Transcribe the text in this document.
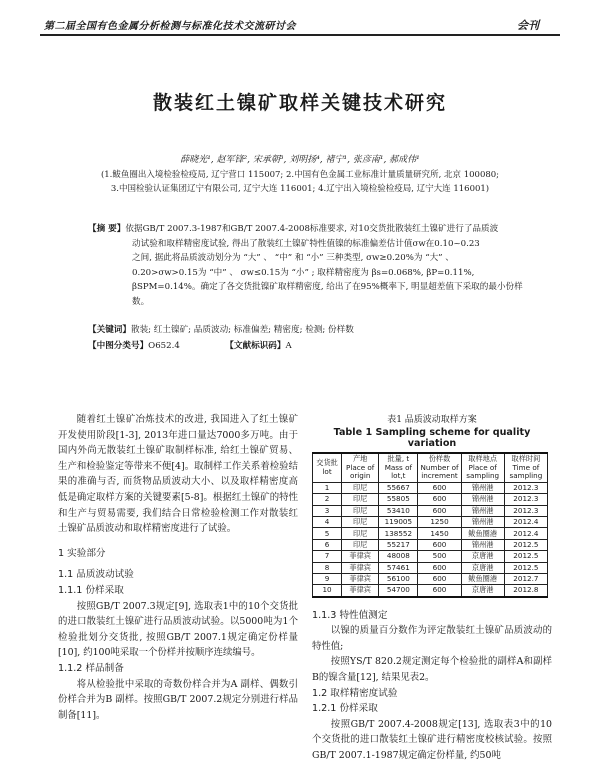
第二届全国有色金属分析检测与标准化技术交流研讨会	会刊
散装红土镍矿取样关键技术研究
薛晓光¹, 赵军锋², 宋承朝³, 刘明扬⁴, 褚宁¹, 张彦南¹, 郝成伟¹
(1.鲅鱼圈出入境检验检疫局, 辽宁营口 115007; 2.中国有色金属工业标准计量质量研究所, 北京 100080;
3.中国检验认证集团辽宁有限公司, 辽宁大连 116001; 4.辽宁出入境检验检疫局, 辽宁大连 116001)
【摘 要】依据GB/T 2007.3-1987和GB/T 2007.4-2008标准要求, 对10交货批散装红土镍矿进行了品质波
动试验和取样精密度试验, 得出了散装红土镍矿特性值镍的标准偏差估计值σw在0.10~0.23
之间, 据此将品质波动划分为 “大” 、 “中” 和 “小” 三种类型, σw≥0.20%为 “大” 、
0.20>σw>0.15为 “中” 、 σw≤0.15为 “小” ; 取样精密度为 βs=0.068%, βP=0.11%,
βSPM=0.14%。确定了各交货批镍矿取样精密度, 给出了在95%概率下, 明显超差值下采取的最小份样数。
【关键词】散装; 红土镍矿; 品质波动; 标准偏差; 精密度; 检测; 份样数
【中图分类号】O652.4	【文献标识码】A

随着红土镍矿冶炼技术的改进, 我国进入了红土镍矿开发使用阶段[1-3], 2013年进口量达7000多万吨。由于国内外尚无散装红土镍矿取制样标准, 给红土镍矿贸易、生产和检验鉴定等带来不便[4]。取制样工作关系着检验结果的准确与否, 而货物品质波动大小、以及取样精密度高低是确定取样方案的关键要素[5-8]。根据红土镍矿的特性和生产与贸易需要, 我们结合日常检验检测工作对散装红土镍矿品质波动和取样精密度进行了试验。

1 实验部分
1.1 品质波动试验
1.1.1 份样采取

按照GB/T 2007.3规定[9], 选取表1中的10个交货批的进口散装红土镍矿进行品质波动试验。以5000吨为1个检验批划分交货批, 按照GB/T 2007.1规定确定份样量[10], 约100吨采取一个份样并按顺序连续编号。

1.1.2 样品制备

将从检验批中采取的奇数份样合并为A 副样、偶数引份样合并为B 副样。按照GB/T 2007.2规定分别进行样品制备[11]。

表1 品质波动取样方案
Table 1 Sampling scheme for quality variation
交货批 lot	产地 Place of origin	批量, t Mass of lot,t	份样数 Number of increment	取样地点 Place of sampling	取样时间 Time of sampling
1	印尼	55667	600	锦州港	2012.3
2	印尼	55805	600	锦州港	2012.3
3	印尼	53410	600	锦州港	2012.3
4	印尼	119005	1250	锦州港	2012.4
5	印尼	138552	1450	鲅鱼圈港	2012.4
6	印尼	55217	600	锦州港	2012.5
7	菲律宾	48008	500	京唐港	2012.5
8	菲律宾	57461	600	京唐港	2012.5
9	菲律宾	56100	600	鲅鱼圈港	2012.7
10	菲律宾	54700	600	京唐港	2012.8
1.1.3 特性值测定

以镍的质量百分数作为评定散装红土镍矿品质波动的特性值;

按照YS/T 820.2规定测定每个检验批的副样A和副样B的镍含量[12], 结果见表2。

1.2 取样精密度试验
1.2.1 份样采取

按照GB/T 2007.4-2008规定[13], 选取表3中的10个交货批的进口散装红土镍矿进行精密度校核试验。按照GB/T 2007.1-1987规定确定份样量, 约50吨
